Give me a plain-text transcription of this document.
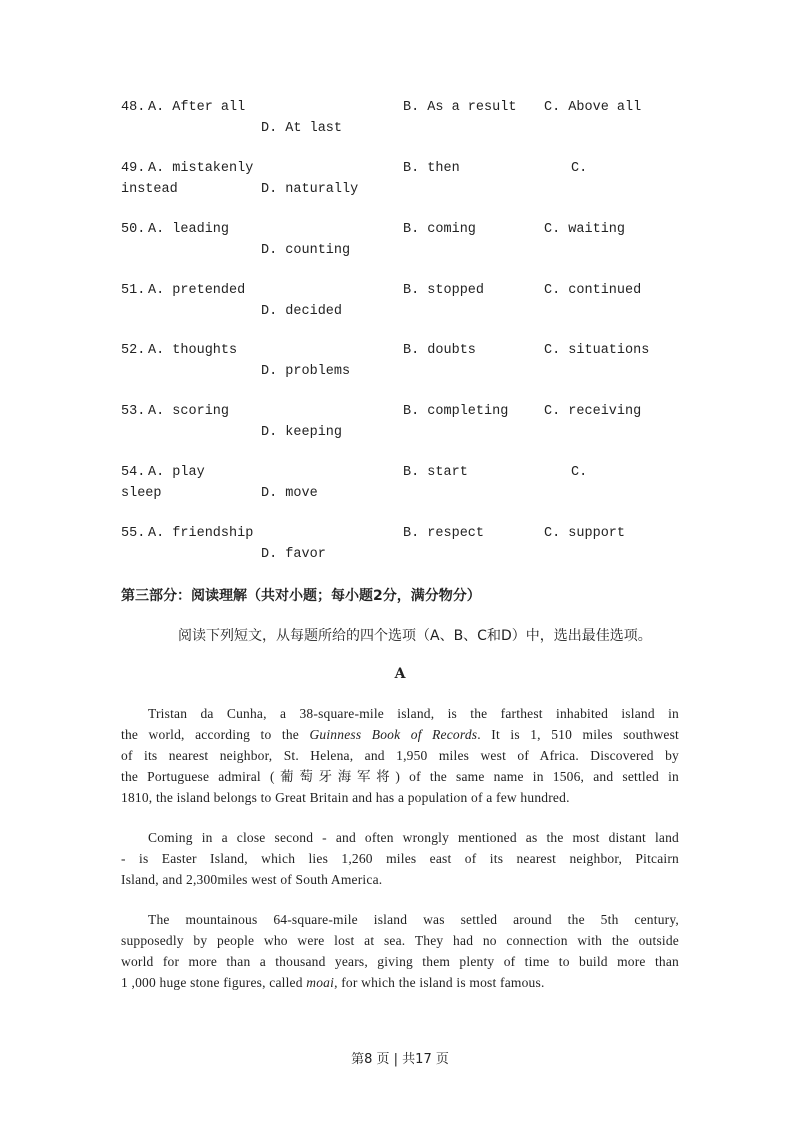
48. A. After all	B. As a result C. Above all
D. At last
49. A. mistakenly	B. then	C.
instead	D. naturally
50. A. leading	B. coming	C. waiting
D. counting
51. A. pretended	B. stopped	C. continued
D. decided
52. A. thoughts	B. doubts	C. situations
D. problems
53. A. scoring	B. completing	C. receiving
D. keeping
54. A. play	B. start	C.
sleep	D. move
55. A. friendship	B. respect	C. support
D. favor
第三部分：阅读理解（共对小题；每小题2分，满分物分）
阅读下列短文，从每题所给的四个选项（A、B、C和D）中，选出最佳选项。
A
Tristan da Cunha, a 38-square-mile island, is the farthest inhabited island in
the world, according to the Guinness Book of Records. It is 1, 510 miles southwest
of its nearest neighbor, St. Helena, and 1,950 miles west of Africa. Discovered by
the Portuguese admiral (葡萄牙海军将) of the same name in 1506, and settled in
1810, the island belongs to Great Britain and has a population of a few hundred.
Coming in a close second - and often wrongly mentioned as the most distant land
- is Easter Island, which lies 1,260 miles east of its nearest neighbor, Pitcairn
Island, and 2,300miles west of South America.
The mountainous 64-square-mile island was settled around the 5th century,
supposedly by people who were lost at sea. They had no connection with the outside
world for more than a thousand years, giving them plenty of time to build more than
1 ,000 huge stone figures, called moai, for which the island is most famous.
第8 页 | 共17 页
